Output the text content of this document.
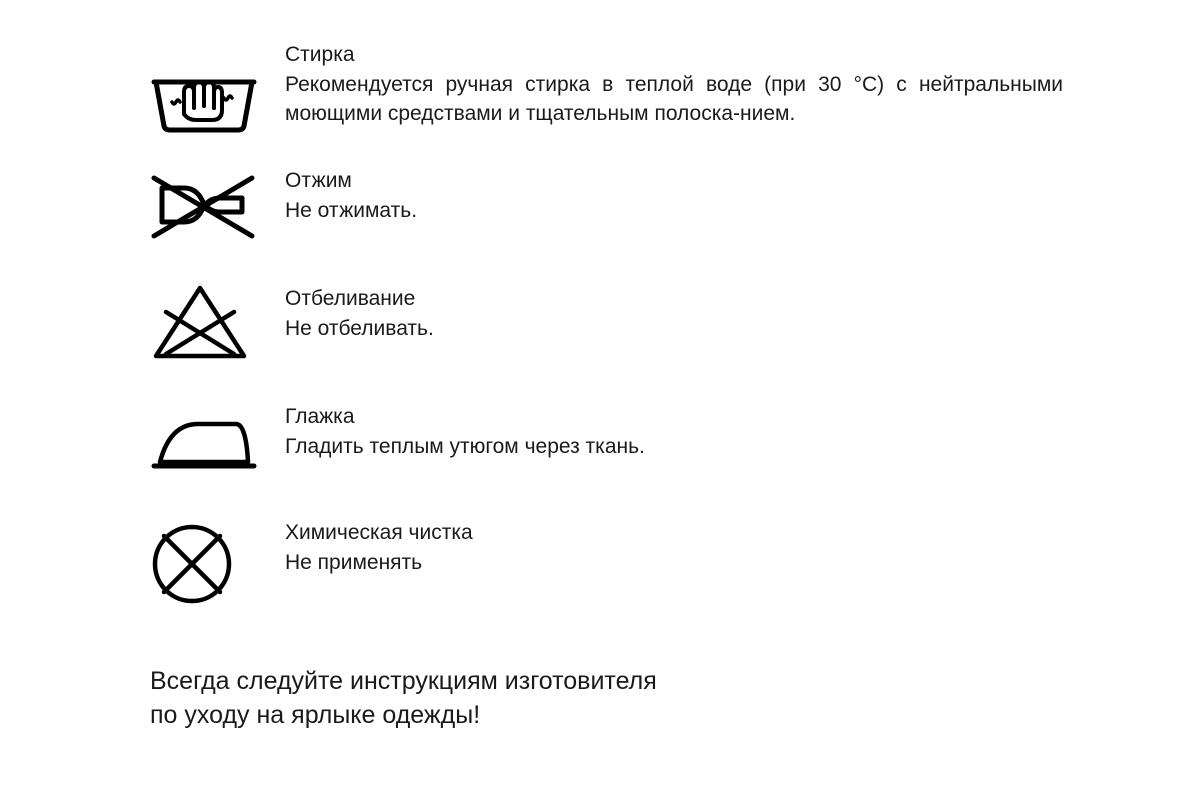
Стирка

Рекомендуется ручная стирка в теплой воде (при 30 °C) с нейтральными моющими средствами и тщательным полоска-нием.

Отжим

Не отжимать.

Отбеливание

Не отбеливать.

Глажка

Гладить теплым утюгом через ткань.

Химическая чистка

Не применять

Всегда следуйте инструкциям изготовителя
по уходу на ярлыке одежды!
